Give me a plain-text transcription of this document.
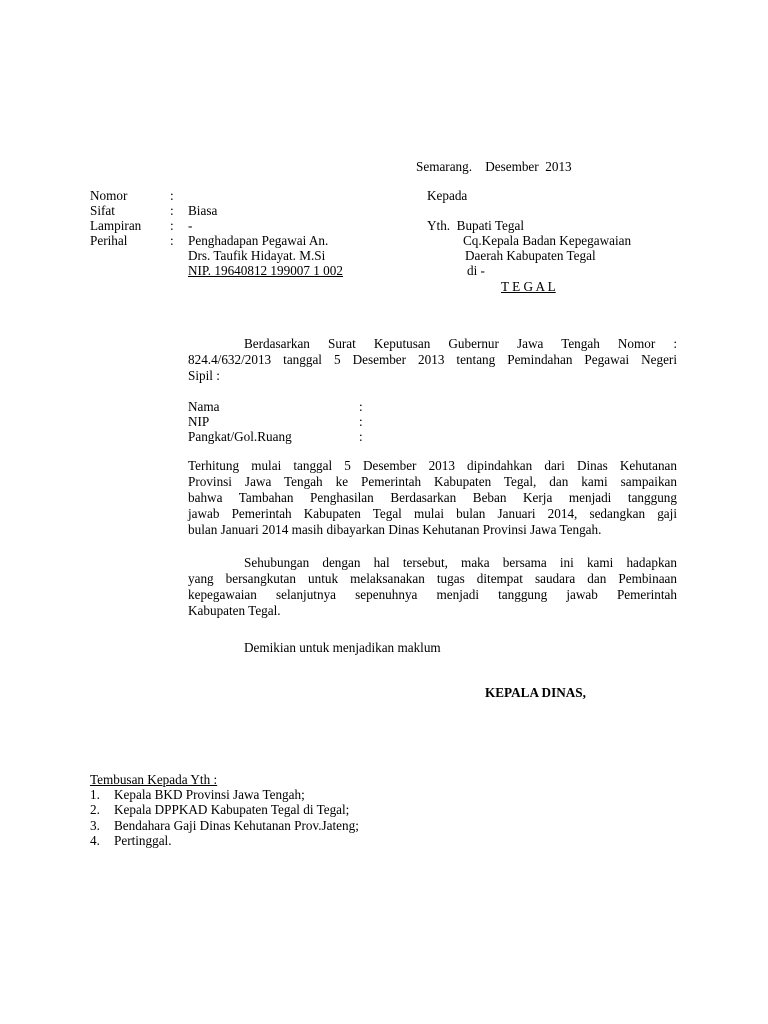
Semarang.    Desember  2013
Nomor	:
Sifat	: Biasa
Lampiran : -
Perihal	: Penghadapan Pegawai An.
Drs. Taufik Hidayat. M.Si
NIP. 19640812 199007 1 002
Kepada
Yth.  Bupati Tegal
Cq.Kepala Badan Kepegawaian
Daerah Kabupaten Tegal
di -
T E G A L
Berdasarkan Surat Keputusan Gubernur Jawa Tengah Nomor :
824.4/632/2013 tanggal 5 Desember 2013 tentang Pemindahan Pegawai Negeri
Sipil :
Nama	:
NIP	:
Pangkat/Gol.Ruang	:
Terhitung mulai tanggal 5 Desember 2013 dipindahkan dari Dinas Kehutanan
Provinsi Jawa Tengah ke Pemerintah Kabupaten Tegal, dan kami sampaikan
bahwa Tambahan Penghasilan Berdasarkan Beban Kerja menjadi tanggung
jawab Pemerintah Kabupaten Tegal mulai bulan Januari 2014, sedangkan gaji
bulan Januari 2014 masih dibayarkan Dinas Kehutanan Provinsi Jawa Tengah.
Sehubungan dengan hal tersebut, maka bersama ini kami hadapkan
yang bersangkutan untuk melaksanakan tugas ditempat saudara dan Pembinaan
kepegawaian selanjutnya sepenuhnya menjadi tanggung jawab Pemerintah
Kabupaten Tegal.
Demikian untuk menjadikan maklum
KEPALA DINAS,
Tembusan Kepada Yth :
1. Kepala BKD Provinsi Jawa Tengah;
2. Kepala DPPKAD Kabupaten Tegal di Tegal;
3. Bendahara Gaji Dinas Kehutanan Prov.Jateng;
4. Pertinggal.
